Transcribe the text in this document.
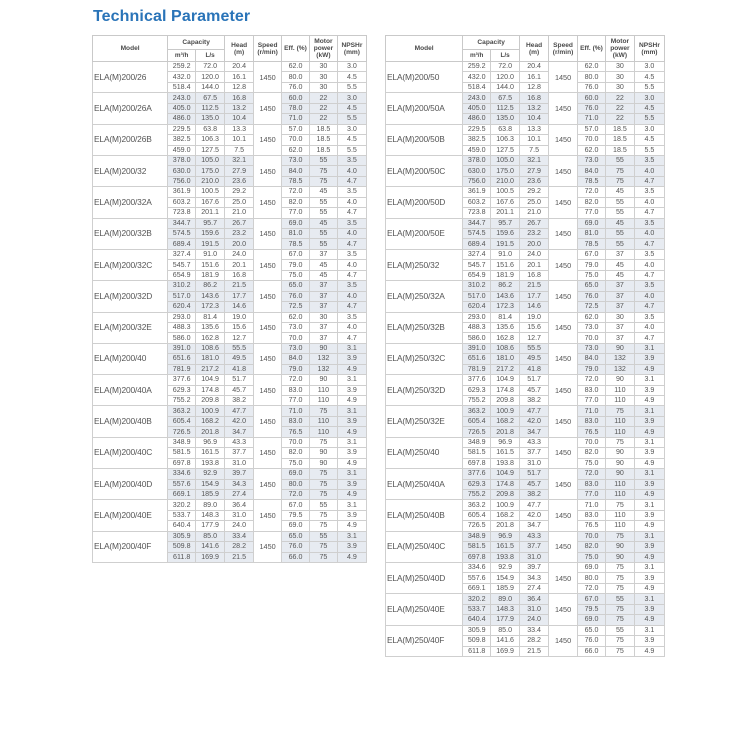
Technical Parameter
Model	Capacity		Head (m)	Speed (r/min)	Eff. (%)	Motor power (kW)	NPSHr (mm)
	m³/h	L/s					
ELA(M)200/26	259.2	72.0	20.4	1450	62.0	30	3.0
	432.0	120.0	16.1		80.0	30	4.5
	518.4	144.0	12.8		76.0	30	5.5
ELA(M)200/26A	243.0	67.5	16.8	1450	60.0	22	3.0
	405.0	112.5	13.2		78.0	22	4.5
	486.0	135.0	10.4		71.0	22	5.5
ELA(M)200/26B	229.5	63.8	13.3	1450	57.0	18.5	3.0
	382.5	106.3	10.1		70.0	18.5	4.5
	459.0	127.5	7.5		62.0	18.5	5.5
ELA(M)200/32	378.0	105.0	32.1	1450	73.0	55	3.5
	630.0	175.0	27.9		84.0	75	4.0
	756.0	210.0	23.6		78.5	75	4.7
ELA(M)200/32A	361.9	100.5	29.2	1450	72.0	45	3.5
	603.2	167.6	25.0		82.0	55	4.0
	723.8	201.1	21.0		77.0	55	4.7
ELA(M)200/32B	344.7	95.7	26.7	1450	69.0	45	3.5
	574.5	159.6	23.2		81.0	55	4.0
	689.4	191.5	20.0		78.5	55	4.7
ELA(M)200/32C	327.4	91.0	24.0	1450	67.0	37	3.5
	545.7	151.6	20.1		79.0	45	4.0
	654.9	181.9	16.8		75.0	45	4.7
ELA(M)200/32D	310.2	86.2	21.5	1450	65.0	37	3.5
	517.0	143.6	17.7		76.0	37	4.0
	620.4	172.3	14.6		72.5	37	4.7
ELA(M)200/32E	293.0	81.4	19.0	1450	62.0	30	3.5
	488.3	135.6	15.6		73.0	37	4.0
	586.0	162.8	12.7		70.0	37	4.7
ELA(M)200/40	391.0	108.6	55.5	1450	73.0	90	3.1
	651.6	181.0	49.5		84.0	132	3.9
	781.9	217.2	41.8		79.0	132	4.9
ELA(M)200/40A	377.6	104.9	51.7	1450	72.0	90	3.1
	629.3	174.8	45.7		83.0	110	3.9
	755.2	209.8	38.2		77.0	110	4.9
ELA(M)200/40B	363.2	100.9	47.7	1450	71.0	75	3.1
	605.4	168.2	42.0		83.0	110	3.9
	726.5	201.8	34.7		76.5	110	4.9
ELA(M)200/40C	348.9	96.9	43.3	1450	70.0	75	3.1
	581.5	161.5	37.7		82.0	90	3.9
	697.8	193.8	31.0		75.0	90	4.9
ELA(M)200/40D	334.6	92.9	39.7	1450	69.0	75	3.1
	557.6	154.9	34.3		80.0	75	3.9
	669.1	185.9	27.4		72.0	75	4.9
ELA(M)200/40E	320.2	89.0	36.4	1450	67.0	55	3.1
	533.7	148.3	31.0		79.5	75	3.9
	640.4	177.9	24.0		69.0	75	4.9
ELA(M)200/40F	305.9	85.0	33.4	1450	65.0	55	3.1
	509.8	141.6	28.2		76.0	75	3.9
	611.8	169.9	21.5		66.0	75	4.9
Model	Capacity		Head (m)	Speed (r/min)	Eff. (%)	Motor power (kW)	NPSHr (mm)
	m³/h	L/s					
ELA(M)200/50	259.2	72.0	20.4	1450	62.0	30	3.0
	432.0	120.0	16.1		80.0	30	4.5
	518.4	144.0	12.8		76.0	30	5.5
ELA(M)200/50A	243.0	67.5	16.8	1450	60.0	22	3.0
	405.0	112.5	13.2		76.0	22	4.5
	486.0	135.0	10.4		71.0	22	5.5
ELA(M)200/50B	229.5	63.8	13.3	1450	57.0	18.5	3.0
	382.5	106.3	10.1		70.0	18.5	4.5
	459.0	127.5	7.5		62.0	18.5	5.5
ELA(M)200/50C	378.0	105.0	32.1	1450	73.0	55	3.5
	630.0	175.0	27.9		84.0	75	4.0
	756.0	210.0	23.6		78.5	75	4.7
ELA(M)200/50D	361.9	100.5	29.2	1450	72.0	45	3.5
	603.2	167.6	25.0		82.0	55	4.0
	723.8	201.1	21.0		77.0	55	4.7
ELA(M)200/50E	344.7	95.7	26.7	1450	69.0	45	3.5
	574.5	159.6	23.2		81.0	55	4.0
	689.4	191.5	20.0		78.5	55	4.7
ELA(M)250/32	327.4	91.0	24.0	1450	67.0	37	3.5
	545.7	151.6	20.1		79.0	45	4.0
	654.9	181.9	16.8		75.0	45	4.7
ELA(M)250/32A	310.2	86.2	21.5	1450	65.0	37	3.5
	517.0	143.6	17.7		76.0	37	4.0
	620.4	172.3	14.6		72.5	37	4.7
ELA(M)250/32B	293.0	81.4	19.0	1450	62.0	30	3.5
	488.3	135.6	15.6		73.0	37	4.0
	586.0	162.8	12.7		70.0	37	4.7
ELA(M)250/32C	391.0	108.6	55.5	1450	73.0	90	3.1
	651.6	181.0	49.5		84.0	132	3.9
	781.9	217.2	41.8		79.0	132	4.9
ELA(M)250/32D	377.6	104.9	51.7	1450	72.0	90	3.1
	629.3	174.8	45.7		83.0	110	3.9
	755.2	209.8	38.2		77.0	110	4.9
ELA(M)250/32E	363.2	100.9	47.7	1450	71.0	75	3.1
	605.4	168.2	42.0		83.0	110	3.9
	726.5	201.8	34.7		76.5	110	4.9
ELA(M)250/40	348.9	96.9	43.3	1450	70.0	75	3.1
	581.5	161.5	37.7		82.0	90	3.9
	697.8	193.8	31.0		75.0	90	4.9
ELA(M)250/40A	377.6	104.9	51.7	1450	72.0	90	3.1
	629.3	174.8	45.7		83.0	110	3.9
	755.2	209.8	38.2		77.0	110	4.9
ELA(M)250/40B	363.2	100.9	47.7	1450	71.0	75	3.1
	605.4	168.2	42.0		83.0	110	3.9
	726.5	201.8	34.7		76.5	110	4.9
ELA(M)250/40C	348.9	96.9	43.3	1450	70.0	75	3.1
	581.5	161.5	37.7		82.0	90	3.9
	697.8	193.8	31.0		75.0	90	4.9
ELA(M)250/40D	334.6	92.9	39.7	1450	69.0	75	3.1
	557.6	154.9	34.3		80.0	75	3.9
	669.1	185.9	27.4		72.0	75	4.9
ELA(M)250/40E	320.2	89.0	36.4	1450	67.0	55	3.1
	533.7	148.3	31.0		79.5	75	3.9
	640.4	177.9	24.0		69.0	75	4.9
ELA(M)250/40F	305.9	85.0	33.4	1450	65.0	55	3.1
	509.8	141.6	28.2		76.0	75	3.9
	611.8	169.9	21.5		66.0	75	4.9
